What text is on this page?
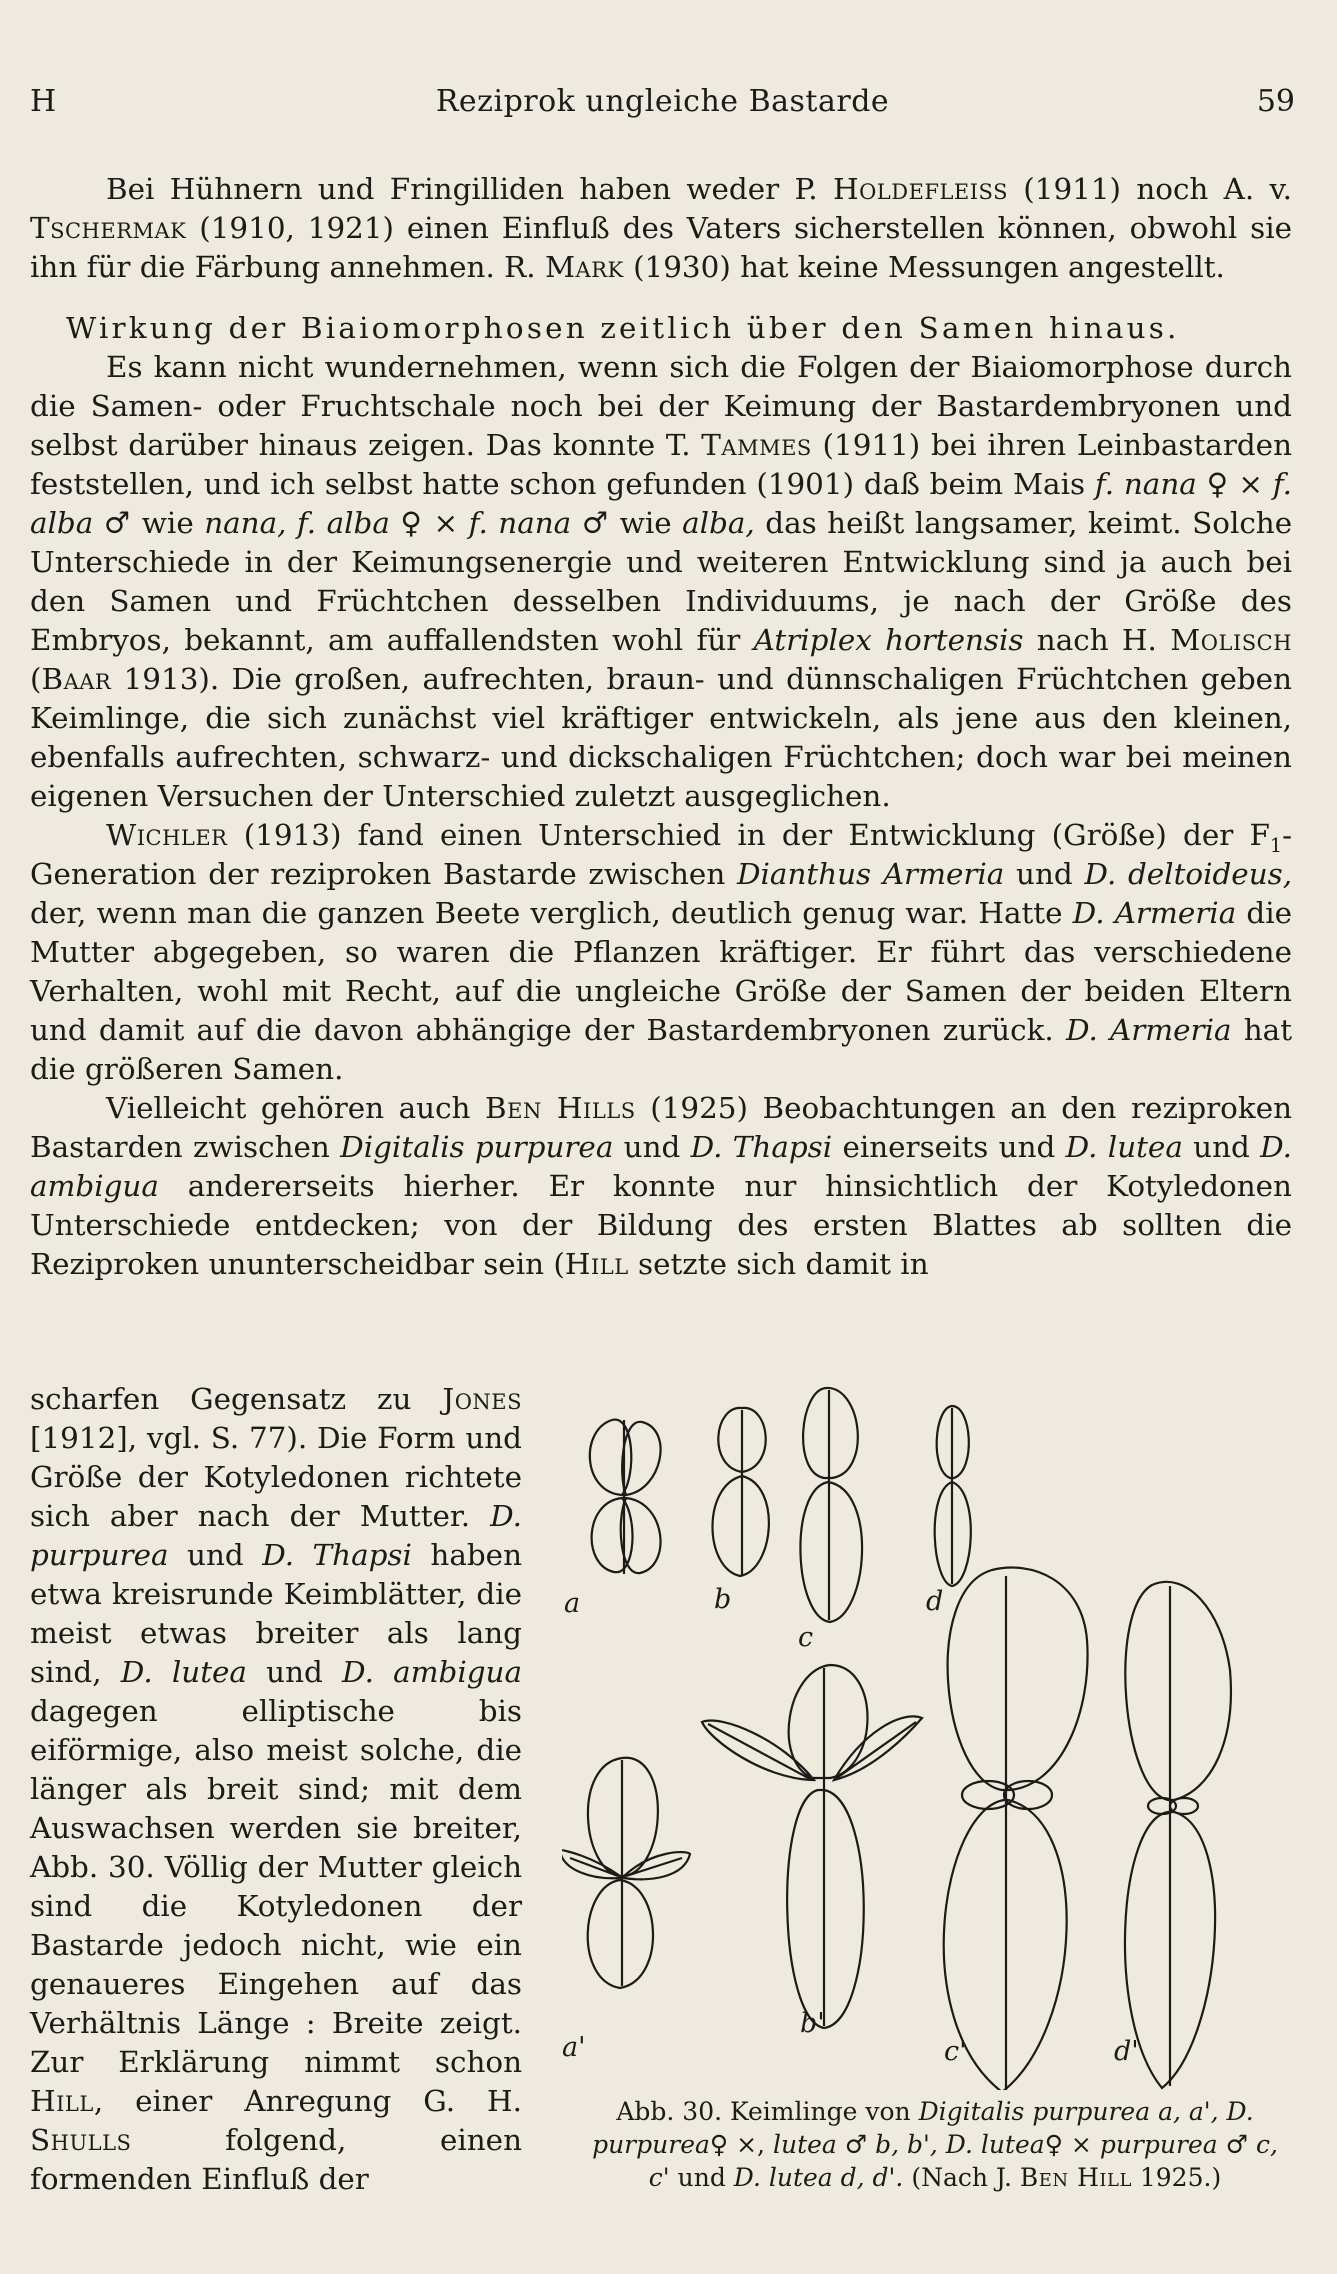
Reziprok ungleiche Bastarde
H	59

Bei Hühnern und Fringilliden haben weder P. Holdefleiss (1911) noch A. v. Tschermak (1910, 1921) einen Einfluß des Vaters sicherstellen können, obwohl sie ihn für die Färbung annehmen. R. Mark (1930) hat keine Messungen angestellt.

Wirkung der Biaiomorphosen zeitlich über den Samen hinaus.

Es kann nicht wundernehmen, wenn sich die Folgen der Biaiomorphose durch die Samen- oder Fruchtschale noch bei der Keimung der Bastardembryonen und selbst darüber hinaus zeigen. Das konnte T. Tammes (1911) bei ihren Leinbastarden feststellen, und ich selbst hatte schon gefunden (1901) daß beim Mais f. nana ♀ × f. alba ♂ wie nana, f. alba ♀ × f. nana ♂ wie alba, das heißt langsamer, keimt. Solche Unterschiede in der Keimungsenergie und weiteren Entwicklung sind ja auch bei den Samen und Früchtchen desselben Individuums, je nach der Größe des Embryos, bekannt, am auffallendsten wohl für Atriplex hortensis nach H. Molisch (Baar 1913). Die großen, aufrechten, braun- und dünnschaligen Früchtchen geben Keimlinge, die sich zunächst viel kräftiger entwickeln, als jene aus den kleinen, ebenfalls aufrechten, schwarz- und dickschaligen Früchtchen; doch war bei meinen eigenen Versuchen der Unterschied zuletzt ausgeglichen.

Wichler (1913) fand einen Unterschied in der Entwicklung (Größe) der $F_1$-Generation der reziproken Bastarde zwischen Dianthus Armeria und D. deltoideus, der, wenn man die ganzen Beete verglich, deutlich genug war. Hatte D. Armeria die Mutter abgegeben, so waren die Pflanzen kräftiger. Er führt das verschiedene Verhalten, wohl mit Recht, auf die ungleiche Größe der Samen der beiden Eltern und damit auf die davon abhängige der Bastardembryonen zurück. D. Armeria hat die größeren Samen.

Vielleicht gehören auch Ben Hills (1925) Beobachtungen an den reziproken Bastarden zwischen Digitalis purpurea und D. Thapsi einerseits und D. lutea und D. ambigua andererseits hierher. Er konnte nur hinsichtlich der Kotyledonen Unterschiede entdecken; von der Bildung des ersten Blattes ab sollten die Reziproken ununterscheidbar sein (Hill setzte sich damit in

scharfen Gegensatz zu Jones [1912], vgl. S. 77). Die Form und Größe der Kotyledonen richtete sich aber nach der Mutter. D. purpurea und D. Thapsi haben etwa kreisrunde Keimblätter, die meist etwas breiter als lang sind, D. lutea und D. ambigua dagegen elliptische bis eiförmige, also meist solche, die länger als breit sind; mit dem Auswachsen werden sie breiter, Abb. 30. Völlig der Mutter gleich sind die Kotyledonen der Bastarde jedoch nicht, wie ein genaueres Eingehen auf das Verhältnis Länge : Breite zeigt. Zur Erklärung nimmt schon Hill, einer Anregung G. H. Shulls	folgend, einen formenden Einfluß der

a	b
c
d
a'
b'
c'	d'
Abb. 30. Keimlinge von Digitalis purpurea a, a', D. purpurea♀ ×, lutea ♂ b, b', D. lutea♀ × purpurea ♂ c, c' und D. lutea d, d'. (Nach J. Ben Hill 1925.)
